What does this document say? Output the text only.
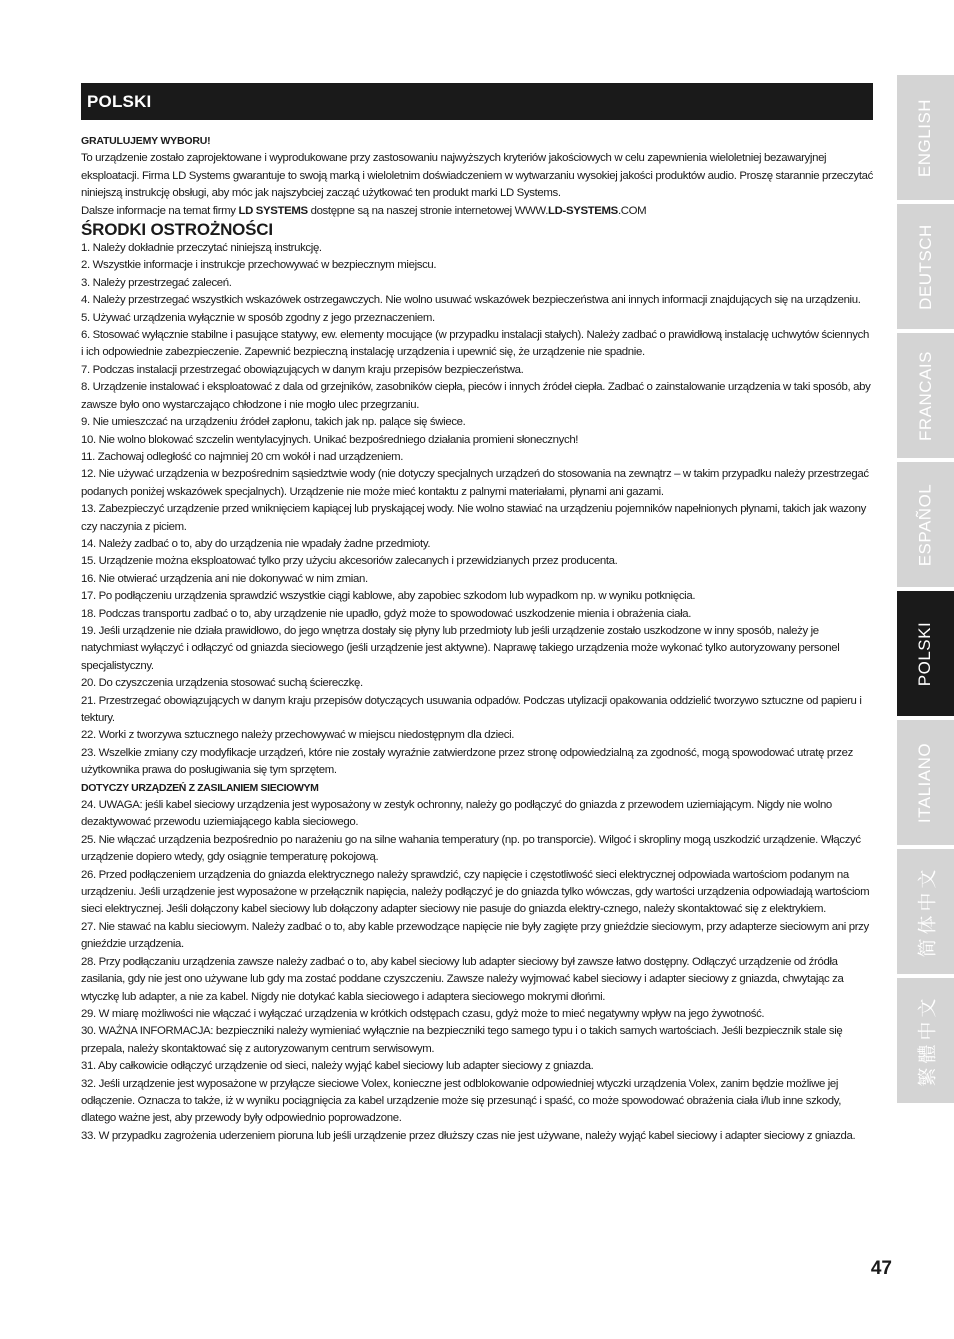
POLSKI

GRATULUJEMY WYBORU!

To urządzenie zostało zaprojektowane i wyprodukowane przy zastosowaniu najwyższych kryteriów jakościowych w celu zapewnienia wieloletniej bezawaryjnej eksploatacji. Firma LD Systems gwarantuje to swoją marką i wieloletnim doświadczeniem w wytwarzaniu wysokiej jakości produktów audio. Proszę starannie przeczytać niniejszą instrukcję obsługi, aby móc jak najszybciej zacząć użytkować ten produkt marki LD Systems.
Dalsze informacje na temat firmy LD SYSTEMS dostępne są na naszej stronie internetowej WWW.LD-SYSTEMS.COM

ŚRODKI OSTROŻNOŚCI

1. Należy dokładnie przeczytać niniejszą instrukcję.

2. Wszystkie informacje i instrukcje przechowywać w bezpiecznym miejscu.

3. Należy przestrzegać zaleceń.

4. Należy przestrzegać wszystkich wskazówek ostrzegawczych. Nie wolno usuwać wskazówek bezpieczeństwa ani innych informacji znajdujących się na urządzeniu.

5. Używać urządzenia wyłącznie w sposób zgodny z jego przeznaczeniem.

6. Stosować wyłącznie stabilne i pasujące statywy, ew. elementy mocujące (w przypadku instalacji stałych). Należy zadbać o prawidłową instalację uchwytów ściennych i ich odpowiednie zabezpieczenie. Zapewnić bezpieczną instalację urządzenia i upewnić się, że urządzenie nie spadnie.

7. Podczas instalacji przestrzegać obowiązujących w danym kraju przepisów bezpieczeństwa.

8. Urządzenie instalować i eksploatować z dala od grzejników, zasobników ciepła, pieców i innych źródeł ciepła. Zadbać o zainstalowanie urządzenia w taki sposób, aby zawsze było ono wystarczająco chłodzone i nie mogło ulec przegrzaniu.

9. Nie umieszczać na urządzeniu źródeł zapłonu, takich jak np. palące się świece.

10. Nie wolno blokować szczelin wentylacyjnych. Unikać bezpośredniego działania promieni słonecznych!

11. Zachowaj odległość co najmniej 20 cm wokół i nad urządzeniem.

12. Nie używać urządzenia w bezpośrednim sąsiedztwie wody (nie dotyczy specjalnych urządzeń do stosowania na zewnątrz – w takim przypadku należy przestrzegać podanych poniżej wskazówek specjalnych). Urządzenie nie może mieć kontaktu z palnymi materiałami, płynami ani gazami.

13. Zabezpieczyć urządzenie przed wniknięciem kapiącej lub pryskającej wody. Nie wolno stawiać na urządzeniu pojemników napełnionych płynami, takich jak wazony czy naczynia z piciem.

14. Należy zadbać o to, aby do urządzenia nie wpadały żadne przedmioty.

15. Urządzenie można eksploatować tylko przy użyciu akcesoriów zalecanych i przewidzianych przez producenta.

16. Nie otwierać urządzenia ani nie dokonywać w nim zmian.

17. Po podłączeniu urządzenia sprawdzić wszystkie ciągi kablowe, aby zapobiec szkodom lub wypadkom np. w wyniku potknięcia.

18. Podczas transportu zadbać o to, aby urządzenie nie upadło, gdyż może to spowodować uszkodzenie mienia i obrażenia ciała.

19. Jeśli urządzenie nie działa prawidłowo, do jego wnętrza dostały się płyny lub przedmioty lub jeśli urządzenie zostało uszkodzone w inny sposób, należy je natychmiast wyłączyć i odłączyć od gniazda sieciowego (jeśli urządzenie jest aktywne). Naprawę takiego urządzenia może wykonać tylko autoryzowany personel specjalistyczny.

20. Do czyszczenia urządzenia stosować suchą ściereczkę.

21. Przestrzegać obowiązujących w danym kraju przepisów dotyczących usuwania odpadów. Podczas utylizacji opakowania oddzielić tworzywo sztuczne od papieru i tektury.

22. Worki z tworzywa sztucznego należy przechowywać w miejscu niedostępnym dla dzieci.

23. Wszelkie zmiany czy modyfikacje urządzeń, które nie zostały wyraźnie zatwierdzone przez stronę odpowiedzialną za zgodność, mogą spowodować utratę przez użytkownika prawa do posługiwania się tym sprzętem.

DOTYCZY URZĄDZEŃ Z ZASILANIEM SIECIOWYM

24. UWAGA: jeśli kabel sieciowy urządzenia jest wyposażony w zestyk ochronny, należy go podłączyć do gniazda z przewodem uziemiającym. Nigdy nie wolno dezaktywować przewodu uziemiającego kabla sieciowego.

25. Nie włączać urządzenia bezpośrednio po narażeniu go na silne wahania temperatury (np. po transporcie). Wilgoć i skropliny mogą uszkodzić urządzenie. Włączyć urządzenie dopiero wtedy, gdy osiągnie temperaturę pokojową.

26. Przed podłączeniem urządzenia do gniazda elektrycznego należy sprawdzić, czy napięcie i częstotliwość sieci elektrycznej odpowiada wartościom podanym na urządzeniu. Jeśli urządzenie jest wyposażone w przełącznik napięcia, należy podłączyć je do gniazda tylko wówczas, gdy wartości urządzenia odpowiadają wartościom sieci elektrycznej. Jeśli dołączony kabel sieciowy lub dołączony adapter sieciowy nie pasuje do gniazda elektry-cznego, należy skontaktować się z elektrykiem.

27. Nie stawać na kablu sieciowym. Należy zadbać o to, aby kable przewodzące napięcie nie były zagięte przy gnieździe sieciowym, przy adapterze sieciowym ani przy gnieździe urządzenia.

28. Przy podłączaniu urządzenia zawsze należy zadbać o to, aby kabel sieciowy lub adapter sieciowy był zawsze łatwo dostępny. Odłączyć urządzenie od źródła zasilania, gdy nie jest ono używane lub gdy ma zostać poddane czyszczeniu. Zawsze należy wyjmować kabel sieciowy i adapter sieciowy z gniazda, chwytając za wtyczkę lub adapter, a nie za kabel. Nigdy nie dotykać kabla sieciowego i adaptera sieciowego mokrymi dłońmi.

29. W miarę możliwości nie włączać i wyłączać urządzenia w krótkich odstępach czasu, gdyż może to mieć negatywny wpływ na jego żywotność.

30. WAŻNA INFORMACJA: bezpieczniki należy wymieniać wyłącznie na bezpieczniki tego samego typu i o takich samych wartościach. Jeśli bezpiecznik stale się przepala, należy skontaktować się z autoryzowanym centrum serwisowym.

31. Aby całkowicie odłączyć urządzenie od sieci, należy wyjąć kabel sieciowy lub adapter sieciowy z gniazda.

32. Jeśli urządzenie jest wyposażone w przyłącze sieciowe Volex, konieczne jest odblokowanie odpowiedniej wtyczki urządzenia Volex, zanim będzie możliwe jej odłączenie. Oznacza to także, iż w wyniku pociągnięcia za kabel urządzenie może się przesunąć i spaść, co może spowodować obrażenia ciała i/lub inne szkody, dlatego ważne jest, aby przewody były odpowiednio poprowadzone.

33. W przypadku zagrożenia uderzeniem pioruna lub jeśli urządzenie przez dłuższy czas nie jest używane, należy wyjąć kabel sieciowy i adapter sieciowy z gniazda.

ENGLISH
DEUTSCH
FRANCAIS
ESPAÑOL
POLSKI
ITALIANO
简体中文
繁體中文
47
